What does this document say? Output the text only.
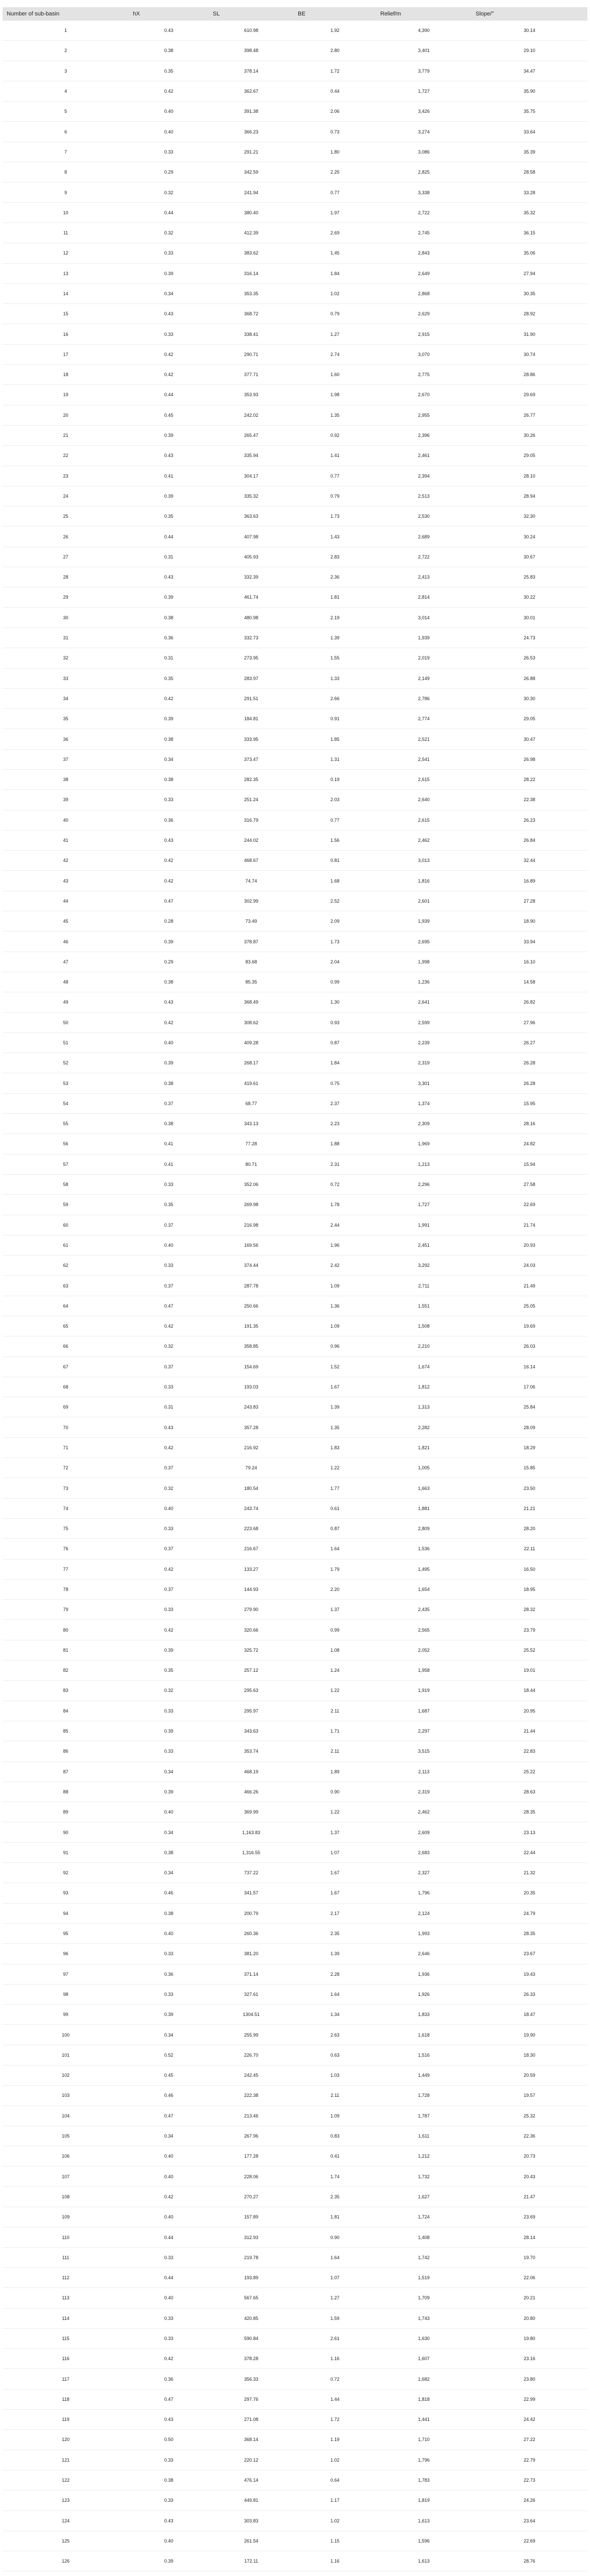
Number of sub-basin	hX	SL	BE	Relief/m	Slope/°
1	0.43	610.98	1.92	4,390	30.14
2	0.38	398.48	2.80	3,401	29.10
3	0.35	378.14	1.72	3,779	34.47
4	0.42	362.67	0.44	1,727	35.90
5	0.40	391.38	2.06	3,426	35.75
6	0.40	366.23	0.73	3,274	33.64
7	0.33	291.21	1.80	3,086	35.39
8	0.29	342.59	2.25	2,825	28.58
9	0.32	241.94	0.77	3,338	33.28
10	0.44	380.40	1.97	2,722	35.32
11	0.32	412.39	2.69	2,745	36.15
12	0.33	383.62	1.45	2,843	35.06
13	0.39	316.14	1.84	2,649	27.94
14	0.34	353.35	1.02	2,868	30.35
15	0.43	368.72	0.79	2,629	28.92
16	0.33	338.41	1.27	2,915	31.90
17	0.42	290.71	2.74	3,070	30.74
18	0.42	377.71	1.60	2,775	28.86
19	0.44	353.93	1.98	2,670	29.69
20	0.45	242.02	1.35	2,955	26.77
21	0.39	265.47	0.92	2,396	30.26
22	0.43	335.94	1.41	2,461	29.05
23	0.41	304.17	0.77	2,394	28.10
24	0.39	335.32	0.79	2,513	28.94
25	0.35	363.63	1.73	2,530	32.30
26	0.44	407.98	1.43	2,689	30.24
27	0.31	405.93	2.83	2,722	30.67
28	0.43	332.39	2.36	2,413	25.83
29	0.39	461.74	1.81	2,814	30.22
30	0.38	480.98	2.19	3,014	30.01
31	0.36	332.73	1.39	1,939	24.73
32	0.31	273.95	1.55	2,019	26.53
33	0.35	283.97	1.33	2,149	26.88
34	0.42	291.51	2.66	2,786	30.30
35	0.39	184.81	0.91	2,774	29.05
36	0.38	333.95	1.85	2,521	30.47
37	0.34	373.47	1.31	2,541	26.98
38	0.38	282.35	0.19	2,615	28.22
39	0.33	251.24	2.03	2,640	22.38
40	0.36	316.79	0.77	2,615	26.23
41	0.43	244.02	1.56	2,462	26.84
42	0.42	468.67	0.81	3,013	32.44
43	0.42	74.74	1.68	1,816	16.89
44	0.47	302.99	2.52	2,601	27.28
45	0.28	73.49	2.09	1,939	18.90
46	0.39	378.87	1.73	2,695	33.94
47	0.29	83.68	2.04	1,998	16.10
48	0.38	85.35	0.99	1,236	14.58
49	0.43	368.49	1.30	2,641	26.82
50	0.42	308.62	0.93	2,599	27.96
51	0.40	409.28	0.87	2,239	26.27
52	0.39	268.17	1.84	2,319	26.28
53	0.38	419.61	0.75	3,301	26.28
54	0.37	68.77	2.37	1,374	15.95
55	0.38	343.13	2.23	2,309	28.16
56	0.41	77.28	1.88	1,969	24.82
57	0.41	80.71	2.31	1,213	15.94
58	0.33	352.06	0.72	2,296	27.58
59	0.35	269.98	1.78	1,727	22.69
60	0.37	216.98	2.44	1,991	21.74
61	0.40	169.56	1.96	2,451	20.93
62	0.33	374.44	2.42	3,292	24.03
63	0.37	287.78	1.09	2,711	21.49
64	0.47	250.66	1.36	1,551	25.05
65	0.42	191.35	1.09	1,508	19.69
66	0.32	358.85	0.96	2,210	26.03
67	0.37	154.69	1.52	1,674	16.14
68	0.33	193.03	1.67	1,812	17.06
69	0.31	243.83	1.39	1,313	25.84
70	0.43	357.28	1.35	2,282	28.09
71	0.42	216.92	1.83	1,821	18.29
72	0.37	79.24	1.22	1,005	15.85
73	0.32	180.54	1.77	1,663	23.50
74	0.40	243.74	0.61	1,881	21.21
75	0.33	223.68	0.87	2,809	28.20
76	0.37	216.67	1.64	1,536	22.11
77	0.42	133.27	1.79	1,495	16.50
78	0.37	144.93	2.20	1,654	18.95
79	0.33	279.90	1.37	2,435	28.32
80	0.42	320.66	0.99	2,565	23.79
81	0.39	325.72	1.08	2,052	25.52
82	0.35	257.12	1.24	1,958	19.01
83	0.32	295.63	1.22	1,919	18.44
84	0.33	295.97	2.11	1,687	20.95
85	0.39	343.63	1.71	2,297	21.44
86	0.33	353.74	2.11	3,515	22.83
87	0.34	468.19	1.89	2,113	25.22
88	0.39	466.26	0.90	2,319	28.63
89	0.40	369.99	1.22	2,462	28.35
90	0.34	1,163.83	1.37	2,609	23.13
91	0.38	1,316.55	1.07	2,683	22.44
92	0.34	737.22	1.67	2,327	21.32
93	0.46	341.57	1.67	1,796	20.35
94	0.38	200.79	2.17	2,124	24.79
95	0.40	260.36	2.35	1,993	28.35
96	0.33	381.20	1.39	2,646	23.67
97	0.36	371.14	2.28	1,936	19.43
98	0.33	327.61	1.64	1,926	26.33
99	0.39	1304.51	1.34	1,833	18.47
100	0.34	255.99	2.63	1,618	19.90
101	0.52	226.70	0.63	1,516	18.30
102	0.45	242.45	1.03	1,449	20.59
103	0.46	222.38	2.11	1,728	19.57
104	0.47	213.46	1.09	1,787	25.32
105	0.34	267.96	0.83	1,611	22.36
106	0.40	177.28	0.41	1,212	20.73
107	0.40	228.06	1.74	1,732	20.43
108	0.42	270.27	2.35	1,627	21.47
109	0.40	157.89	1.81	1,724	23.69
110	0.44	312.93	0.90	1,408	28.14
111	0.33	219.78	1.64	1,742	19.70
112	0.44	193.89	1.07	1,519	22.06
113	0.40	567.65	1.27	1,709	20.21
114	0.33	420.85	1.59	1,743	20.80
115	0.33	590.84	2.61	1,630	19.80
116	0.42	378.28	1.16	1,607	23.16
117	0.36	356.33	0.72	1,682	23.80
118	0.47	297.76	1.44	1,818	22.99
119	0.43	271.08	1.72	1,441	24.42
120	0.50	368.14	1.19	1,710	27.22
121	0.33	220.12	1.02	1,796	22.79
122	0.38	476.14	0.64	1,783	22.73
123	0.33	449.81	1.17	1,819	24.26
124	0.43	303.83	1.02	1,613	23.64
125	0.40	261.54	1.15	1,596	22.69
126	0.39	172.11	1.16	1,613	28.76
